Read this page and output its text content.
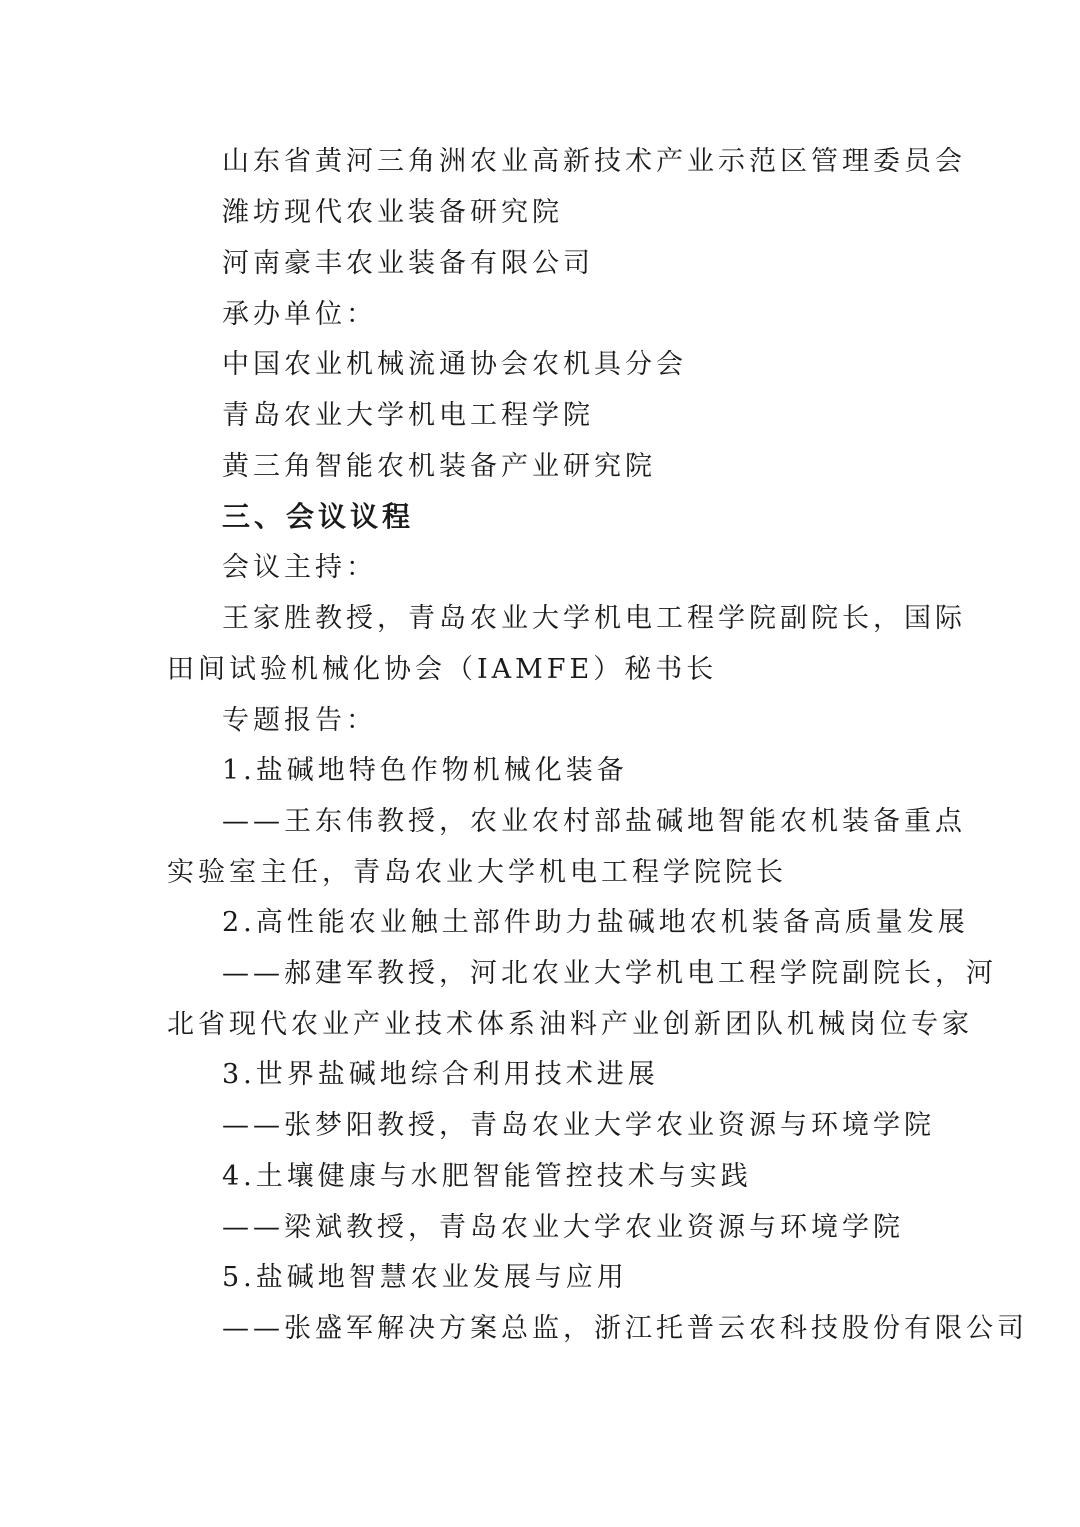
山东省黄河三角洲农业高新技术产业示范区管理委员会
潍坊现代农业装备研究院
河南豪丰农业装备有限公司
承办单位：
中国农业机械流通协会农机具分会
青岛农业大学机电工程学院
黄三角智能农机装备产业研究院
三、会议议程
会议主持：
王家胜教授，青岛农业大学机电工程学院副院长，国际
田间试验机械化协会（IAMFE）秘书长
专题报告：
1.盐碱地特色作物机械化装备
——王东伟教授，农业农村部盐碱地智能农机装备重点
实验室主任，青岛农业大学机电工程学院院长
2.高性能农业触土部件助力盐碱地农机装备高质量发展
——郝建军教授，河北农业大学机电工程学院副院长，河
北省现代农业产业技术体系油料产业创新团队机械岗位专家
3.世界盐碱地综合利用技术进展
——张梦阳教授，青岛农业大学农业资源与环境学院
4.土壤健康与水肥智能管控技术与实践
——梁斌教授，青岛农业大学农业资源与环境学院
5.盐碱地智慧农业发展与应用
——张盛军解决方案总监，浙江托普云农科技股份有限公司
